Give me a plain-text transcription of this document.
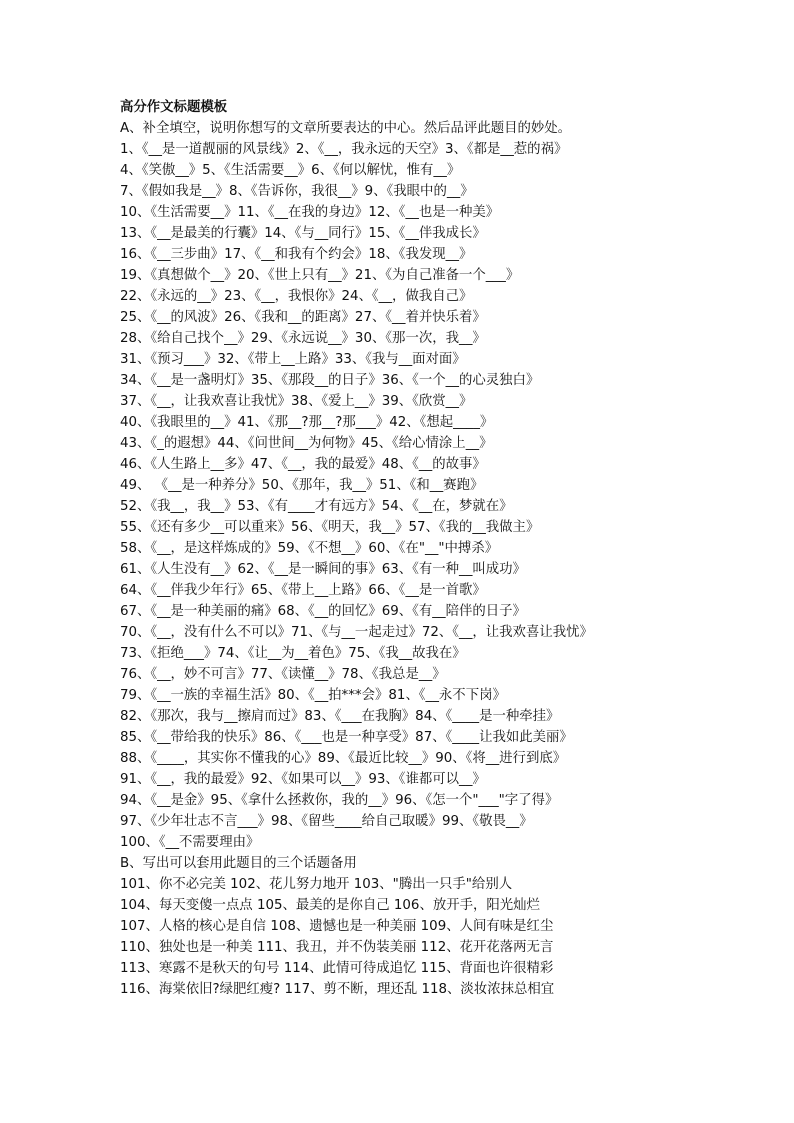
高分作文标题模板
A、补全填空，说明你想写的文章所要表达的中心。然后品评此题目的妙处。
1、《__是一道靓丽的风景线》2、《__，我永远的天空》3、《都是__惹的祸》
4、《笑傲__》5、《生活需要__》6、《何以解忧，惟有__》
7、《假如我是__》8、《告诉你，我很__》9、《我眼中的__》
10、《生活需要__》11、《__在我的身边》12、《__也是一种美》
13、《__是最美的行囊》14、《与__同行》15、《__伴我成长》
16、《__三步曲》17、《__和我有个约会》18、《我发现__》
19、《真想做个__》20、《世上只有__》21、《为自己准备一个___》
22、《永远的__》23、《__，我恨你》24、《__，做我自己》
25、《__的风波》26、《我和__的距离》27、《__着并快乐着》
28、《给自己找个__》29、《永远说__》30、《那一次，我__》
31、《预习___》32、《带上__上路》33、《我与__面对面》
34、《__是一盏明灯》35、《那段__的日子》36、《一个__的心灵独白》
37、《__，让我欢喜让我忧》38、《爱上__》39、《欣赏__》
40、《我眼里的__》41、《那__?那__?那___》42、《想起____》
43、《_的遐想》44、《问世间__为何物》45、《给心情涂上__》
46、《人生路上__多》47、《__，我的最爱》48、《__的故事》
49、 《__是一种养分》50、《那年，我__》51、《和__赛跑》
52、《我__，我__》53、《有____才有远方》54、《__在，梦就在》
55、《还有多少__可以重来》56、《明天，我__》57、《我的__我做主》
58、《__，是这样炼成的》59、《不想__》60、《在"__"中搏杀》
61、《人生没有__》62、《__是一瞬间的事》63、《有一种__叫成功》
64、《__伴我少年行》65、《带上__上路》66、《__是一首歌》
67、《__是一种美丽的痛》68、《__的回忆》69、《有__陪伴的日子》
70、《__，没有什么不可以》71、《与__一起走过》72、《__，让我欢喜让我忧》
73、《拒绝___》74、《让__为__着色》75、《我__故我在》
76、《__，妙不可言》77、《读懂__》78、《我总是__》
79、《__一族的幸福生活》80、《__拍***会》81、《__永不下岗》
82、《那次，我与__擦肩而过》83、《___在我胸》84、《____是一种牵挂》
85、《__带给我的快乐》86、《___也是一种享受》87、《____让我如此美丽》
88、《____，其实你不懂我的心》89、《最近比较__》90、《将__进行到底》
91、《__，我的最爱》92、《如果可以__》93、《谁都可以__》
94、《__是金》95、《拿什么拯救你，我的__》96、《怎一个"___"字了得》
97、《少年壮志不言___》98、《留些____给自己取暖》99、《敬畏__》
100、《__不需要理由》
B、写出可以套用此题目的三个话题备用
101、你不必完美 102、花儿努力地开 103、"腾出一只手"给别人
104、每天变傻一点点 105、最美的是你自己 106、放开手，阳光灿烂
107、人格的核心是自信 108、遗憾也是一种美丽 109、人间有味是红尘
110、独处也是一种美 111、我丑，并不伪装美丽 112、花开花落两无言
113、寒露不是秋天的句号 114、此情可待成追忆 115、背面也许很精彩
116、海棠依旧?绿肥红瘦? 117、剪不断，理还乱 118、淡妆浓抹总相宜
